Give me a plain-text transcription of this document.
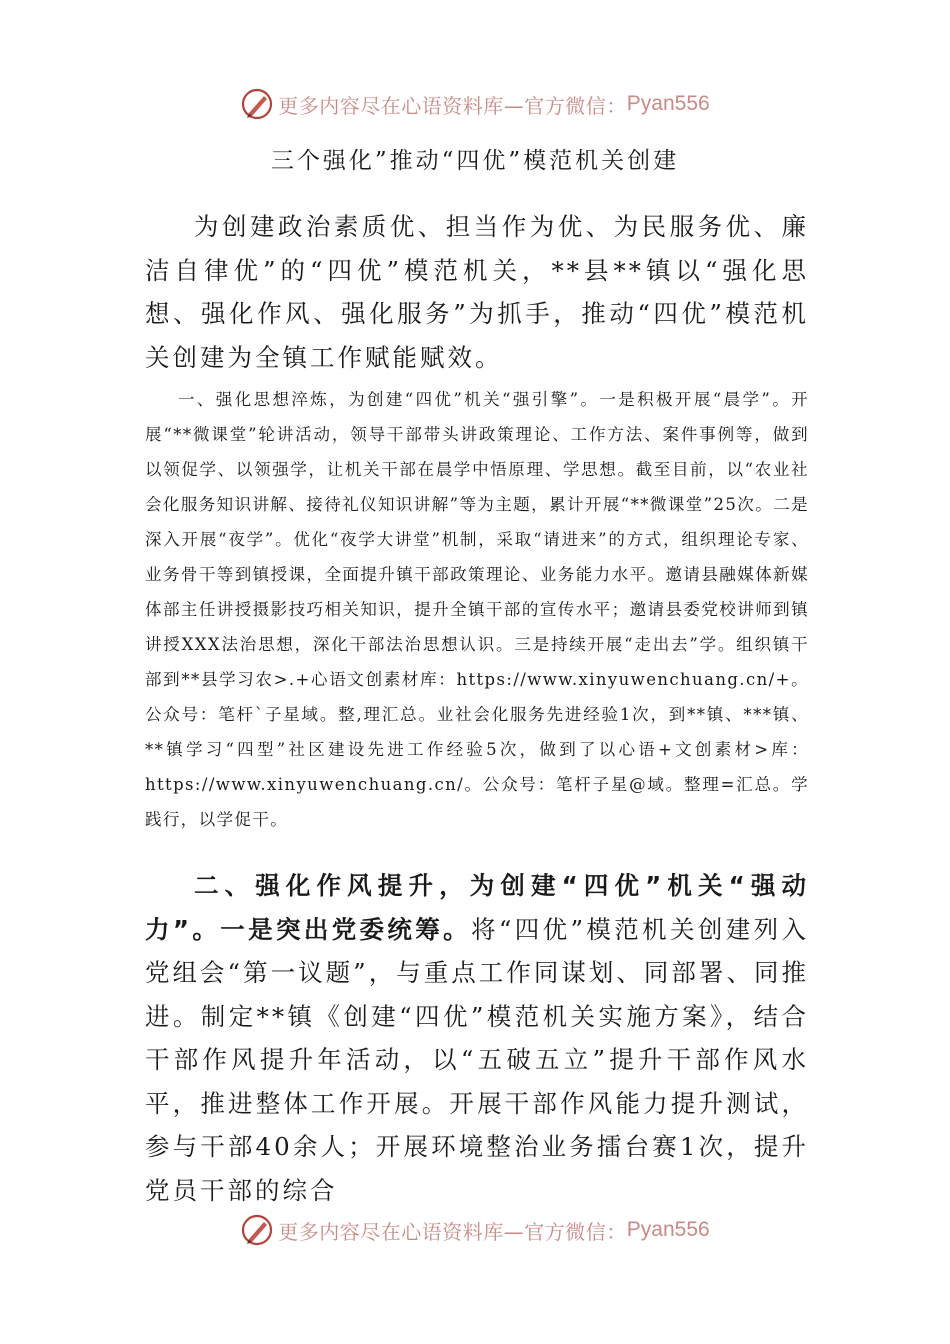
更多内容尽在心语资料库—官方微信： Pyan556
三个强化”推动“四优”模范机关创建

为创建政治素质优、担当作为优、为民服务优、廉洁自律优”的“四优”模范机关，**县**镇以“强化思想、强化作风、强化服务”为抓手，推动“四优”模范机关创建为全镇工作赋能赋效。

一、强化思想淬炼，为创建“四优”机关“强引擎”。一是积极开展“晨学”。开展“**微课堂”轮讲活动，领导干部带头讲政策理论、工作方法、案件事例等，做到以领促学、以领强学，让机关干部在晨学中悟原理、学思想。截至目前，以“农业社会化服务知识讲解、接待礼仪知识讲解”等为主题，累计开展“**微课堂”25次。二是深入开展“夜学”。优化“夜学大讲堂”机制，采取“请进来”的方式，组织理论专家、业务骨干等到镇授课，全面提升镇干部政策理论、业务能力水平。邀请县融媒体新媒体部主任讲授摄影技巧相关知识，提升全镇干部的宣传水平；邀请县委党校讲师到镇讲授XXX法治思想，深化干部法治思想认识。三是持续开展“走出去”学。组织镇干部到**县学习农>.+心语文创素材库：https://www.xinyuwenchuang.cn/+。公众号：笔杆`子星域。整,理汇总。业社会化服务先进经验1次，到**镇、***镇、**镇学习“四型”社区建设先进工作经验5次，做到了以心语+文创素材>库：https://www.xinyuwenchuang.cn/。公众号：笔杆子星@域。整理=汇总。学践行，以学促干。

二、强化作风提升，为创建“四优”机关“强动力”。一是突出党委统筹。将“四优”模范机关创建列入党组会“第一议题”，与重点工作同谋划、同部署、同推进。制定**镇《创建“四优”模范机关实施方案》，结合干部作风提升年活动，以“五破五立”提升干部作风水平，推进整体工作开展。开展干部作风能力提升测试，参与干部40余人；开展环境整治业务擂台赛1次，提升党员干部的综合

更多内容尽在心语资料库—官方微信： Pyan556
